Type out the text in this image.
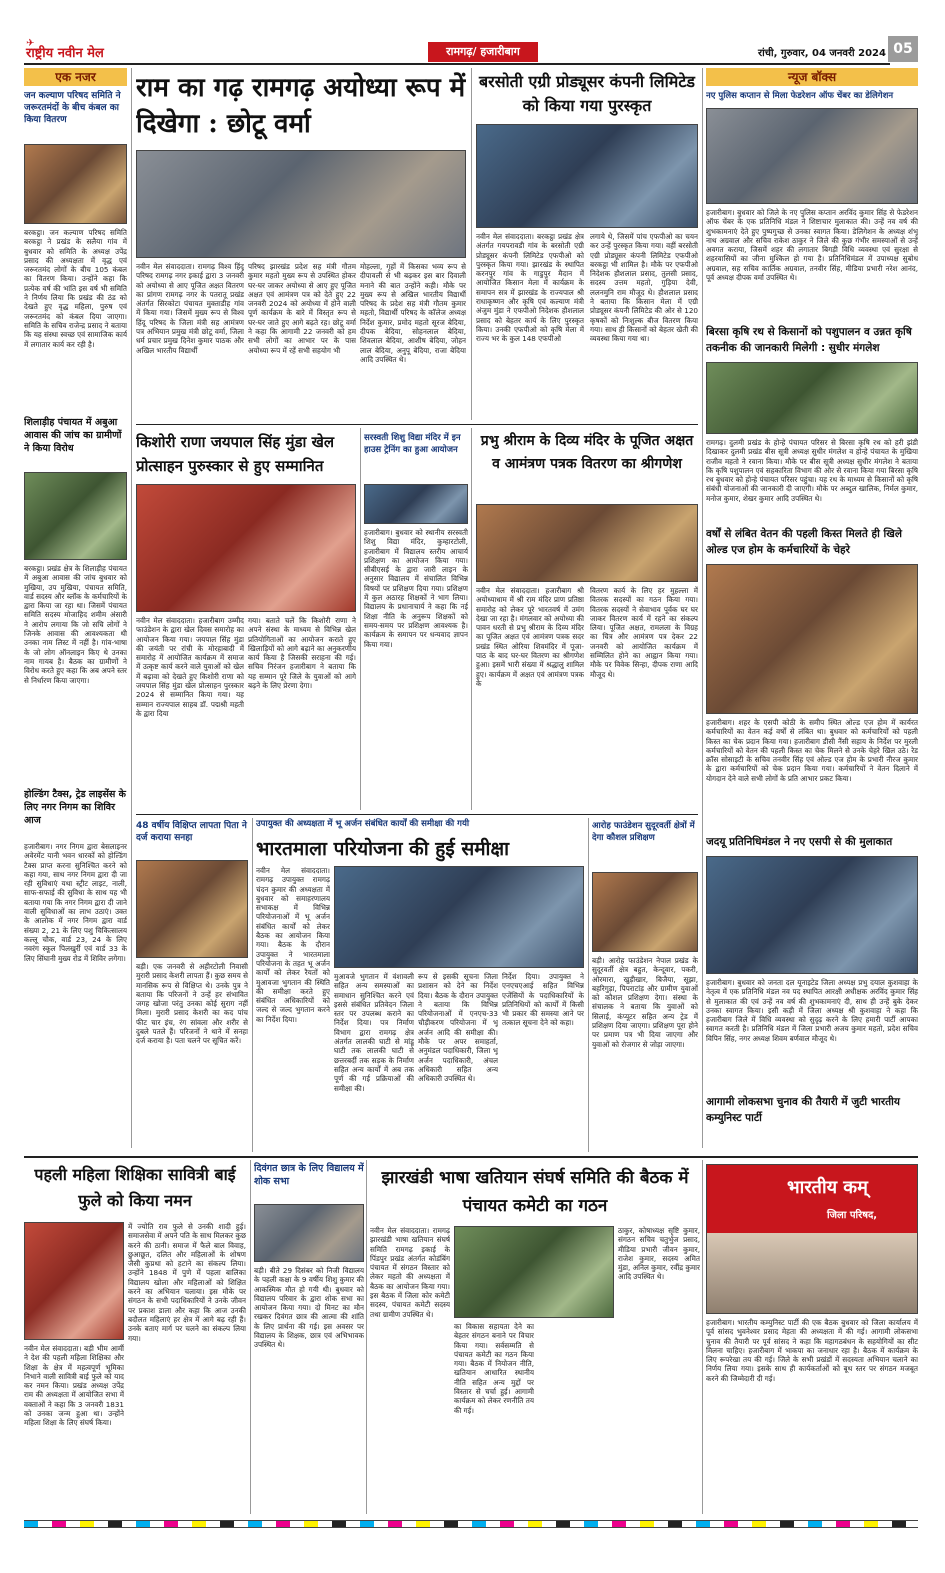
✈
राष्ट्रीय नवीन मेल	रामगढ़/ हजारीबाग	रांची, गुरुवार, 04 जनवरी 2024 05
एक नजर
जन कल्याण परिषद समिति ने जरूरतमंदों के बीच कंबल का किया वितरण
बरकट्ठा। जन कल्याण परिषद समिति बरकट्ठा ने प्रखंड के सलैया गांव में बुधवार को समिति के अध्यक्ष उपेंद्र प्रसाद की अध्यक्षता में वृद्ध एवं जरूरतमंद लोगों के बीच 105 कंबल का वितरण किया। उन्होंने कहा कि प्रत्येक वर्ष की भांति इस वर्ष भी समिति ने निर्णय लिया कि प्रखंड की ठंड को देखते हुए वृद्ध महिला, पुरुष एवं जरूरतमंद को कंबल दिया जाएगा। समिति के सचिव राजेन्द्र प्रसाद ने बताया कि यह संस्था स्वच्छ एवं सामाजिक कार्य में लगातार कार्य कर रही है।
शिलाड़ीह पंचायत में अबुआ आवास की जांच का ग्रामीणों ने किया विरोध
बरकट्ठा। प्रखंड क्षेत्र के शिलाड़ीह पंचायत में अबुआ आवास की जांच बुधवार को मुखिया, उप मुखिया, पंचायत समिति, वार्ड सदस्य और ब्लॉक के कर्मचारियों के द्वारा किया जा रहा था। जिसमें पंचायत समिति सदस्य मोजाहिद शमीम अंसारी ने आरोप लगाया कि जो सचि लोगों ने जिनके आवास की आवश्यकता थी उनका नाम लिस्ट में नहीं है। गांव-भाषा के जो लोग ऑनलाइन किए थे उनका नाम गायब है। बैठक का ग्रामीणों ने विरोध करते हुए कहा कि अब अपने स्तर से निर्धारण किया जाएगा।
होल्डिंग टैक्स, ट्रेड लाइसेंस के लिए नगर निगम का शिविर आज
हजारीबाग। नगर निगम द्वारा बेसलाइनर अवेरमेंट यानी भवन धारकों को होल्डिंग टैक्स प्राप्त करना सुनिश्चित करने को कहा गया, साथ नगर निगम द्वारा दी जा रही सुविधाएं यथा स्ट्रीट लाइट, नाली, साफ-सफाई की सुविधा के साथ यह भी बताया गया कि नगर निगम द्वारा दी जाने वाली सुविधाओं का लाभ उठाएं। उक्त के आलोक में नगर निगम द्वारा वार्ड संख्या 2, 21 के लिए पशु चिकित्सालय कल्लू चौक, वार्ड 23, 24 के लिए नवरंग स्कूल पिलखुर्री एवं वार्ड 33 के लिए सिंघानी मुख्य रोड में शिविर लगेगा।
राम का गढ़ रामगढ़ अयोध्या रूप में दिखेगा : छोटू वर्मा
नवीन मेल संवाददाता। रामगढ़ विश्व हिंदू परिषद रामगढ़ नगर इकाई द्वारा 3 जनवरी को अयोध्या से आए पूजित अक्षत वितरण का प्रांगण रामगढ़ नगर के पतरातू प्रखंड अंतर्गत सिरकोटा पंचायत मुक्ताडीह गांव में किया गया। जिसमें मुख्य रूप से विश्व हिंदू परिषद के जिला मंत्री सह आमंत्रण पत्र अभियान प्रमुख मंत्री छोटू वर्मा, जिला धर्म प्रचार प्रमुख दिनेश कुमार पाठक और अखिल भारतीय विद्यार्थी
परिषद झारखंड प्रदेश सह मंत्री गौतम कुमार महतो मुख्य रूप से उपस्थित होकर घर-घर जाकर अयोध्या से आए हुए पूजित अक्षत एवं आमंत्रण पत्र को देते हुए 22 जनवरी 2024 को अयोध्या में होने वाली पूर्ण कार्यक्रम के बारे में विस्तृत रूप से घर-घर जाते हुए आगे बढ़ते रह। छोटू वर्मा ने कहा कि आगामी 22 जनवरी को हम सभी लोगों का आभार पर के पास अयोध्या रूप में रहें सभी सहयोग भी
मोहल्ला, गृहों में किसका भव्य रूप से दीपावली से भी बढ़कर इस बार दिवाली मनाने की बात उन्होंने कही। मौके पर मुख्य रूप से अखिल भारतीय विद्यार्थी परिषद के प्रदेश सह मंत्री गौतम कुमार महतो, विद्यार्थी परिषद के कॉलेज अध्यक्ष निर्देश कुमार, प्रमोद महतो सूरज बेदिया, दीपक बेदिया, सोहनलाल बेदिया, शिवलाल बेदिया, आशीष बेदिया, जोहन लाल बेदिया, अनुपू बेदिया, राजा बेदिया आदि उपस्थित थे।
बरसोती एग्री प्रोड्यूसर कंपनी लिमिटेड को किया गया पुरस्कृत
नवीन मेल संवाददाता। बरकट्ठा प्रखंड क्षेत्र अंतर्गत गयपरावडी गांव के बरसोती एग्री प्रोड्यूसर कंपनी लिमिटेड एफपीओ को पुरस्कृत किया गया। झारखंड के स्थापित करनपुर गांव के गाडुपुर मैदान में आयोजित किसान मेला में कार्यक्रम के समापन सत्र में झारखंड के राज्यपाल श्री राधाकृष्णन और कृषि एवं कल्याण मंत्री अंजुम मुंडा ने एफपीओ निदेशक हौशलाल प्रसाद को बेहतर कार्य के लिए पुरस्कृत किया। उनकी एफपीओ को कृषि मेला में राज्य भर के कुल 148 एफपीओ
लगाये थे, जिसमें पांच एफपीओ का चयन कर उन्हें पुरस्कृत किया गया। वहीं बरसोती एग्री प्रोड्यूसर कंपनी लिमिटेड एफपीओ बरकट्ठा भी शामिल है। मौके पर एफपीओ निदेशक हौशलाल प्रसाद, तुलसी प्रसाद, सदस्य उत्तम महतो, गुड़िया देवी, ललनमुनि राम मौजूद थे। हौशलाल प्रसाद ने बताया कि किसान मेला में एग्री प्रोड्यूसर कंपनी लिमिटेड की ओर से 120 कृषकों को निःशुल्क बीज वितरण किया गया। साथ ही किसानों को बेहतर खेती की व्यवस्था किया गया था।
न्यूज बॉक्स
नए पुलिस कप्तान से मिला फेडरेशन ऑफ चेंबर का डेलिगेशन
हजारीबाग। बुधवार को जिले के नए पुलिस कप्तान अरविंद कुमार सिंह से फेडरेशन ऑफ चेंबर के एक प्रतिनिधि मंडल ने शिष्टाचार मुलाकात की। उन्हें नव वर्ष की शुभकामनाएं देते हुए पुष्पगुच्छ से उनका स्वागत किया। डेलिगेशन के अध्यक्ष शंभू नाथ अग्रवाल और सचिव राकेश ठाकुर ने जिले की कुछ गंभीर समस्याओं से उन्हें अवगत कराया, जिसमें शहर की लगातार बिगड़ी विधि व्यवस्था एवं सुरक्षा से शहरवासियों का जीना मुश्किल हो गया है। प्रतिनिधिमंडल में उपाध्यक्ष सुबोध अग्रवाल, सह सचिव कार्तिक अग्रवाल, तनवीर सिंह, मीडिया प्रभारी नरेश आनंद, पूर्व अध्यक्ष दीपक वर्मा उपस्थित थे।
बिरसा कृषि रथ से किसानों को पशुपालन व उन्नत कृषि तकनीक की जानकारी मिलेगी : सुधीर मंगलेश
रामगढ़। दुलमी प्रखंड के होन्हे पंचायत परिसर से बिरसा कृषि रथ को हरी झंडी दिखाकर दुलमी प्रखंड बीस सूत्री अध्यक्ष सुधीर मंगलेश व होन्हे पंचायत के मुखिया राजीव महतो ने रवाना किया। मौके पर बीस सूत्री अध्यक्ष सुधीर मंगलेश ने बताया कि कृषि पशुपालन एवं सहकारिता विभाग की ओर से रवाना किया गया बिरसा कृषि रथ बुधवार को होन्हे पंचायत परिसर पहुंचा। यह रथ के माध्यम से किसानों को कृषि संबंधी योजनाओं की जानकारी दी जाएगी। मौके पर अब्दुल खालिक, निर्मल कुमार, मनोज कुमार, शेखर कुमार आदि उपस्थित थे।
वर्षों से लंबित वेतन की पहली किस्त मिलते ही खिले ओल्ड एज होम के कर्मचारियों के चेहरे
हजारीबाग। शहर के एसपी कोठी के समीप स्थित ओल्ड एज होम में कार्यरत कर्मचारियों का वेतन कई वर्षों से लंबित था। बुधवार को कर्मचारियों को पहली किस्त का चेक प्रदान किया गया। हजारीबाग डीसी नैंसी सहाय के निर्देश पर मुरली कर्मचारियों को वेतन की पहली किस्त का चेक मिलने से उनके चेहरे खिल उठे। रेड क्रॉस सोसाइटी के सचिव तनवीर सिंह एवं ओल्ड एज होम के प्रभारी नीरज कुमार के द्वारा कर्मचारियों को चेक प्रदान किया गया। कर्मचारियों ने वेतन दिलाने में योगदान देने वाले सभी लोगों के प्रति आभार प्रकट किया।
जदयू प्रतिनिधिमंडल ने नए एसपी से की मुलाकात
हजारीबाग। बुधवार को जनता दल यूनाइटेड जिला अध्यक्ष प्रभु दयाल कुशवाहा के नेतृत्व में एक प्रतिनिधि मंडल नव पद स्थापित आरक्षी अधीक्षक अरविंद कुमार सिंह से मुलाकात की एवं उन्हें नव वर्ष की शुभकामनाएं दी, साथ ही उन्हें बुके देकर उनका स्वागत किया। इसी कड़ी में जिला अध्यक्ष श्री कुशवाहा ने कहा कि हजारीबाग जिले में विधि व्यवस्था को सुदृढ़ करने के लिए हमारी पार्टी आपका स्वागत करती है। प्रतिनिधि मंडल में जिला प्रभारी अजय कुमार महतो, प्रदेश सचिव विपिन सिंह, नगर अध्यक्ष शिवम बर्णवाल मौजूद थे।
आगामी लोकसभा चुनाव की तैयारी में जुटी भारतीय कम्युनिस्ट पार्टी
किशोरी राणा जयपाल सिंह मुंडा खेल प्रोत्साहन पुरुस्कार से हुए सम्मानित
नवीन मेल संवाददाता। हजारीबाग उम्मीद फाउंडेशन के द्वारा खेल दिवस समारोह का आयोजन किया गया। जयपाल सिंह मुंडा की जयंती पर रांची के मोरहाबादी में समारोह में आयोजित कार्यक्रम में समाज में उत्कृष्ट कार्य करने वाले युवाओं को खेल में बढ़ावा को देखते हुए किशोरी राणा को जयपाल सिंह मुंडा खेल प्रोत्साहन पुरस्कार 2024 से सम्मानित किया गया। यह सम्मान राज्यपाल साहब डॉ. पद्मश्री महती के द्वारा दिया
गया। बताते चलें कि किशोरी राणा ने अपने संस्था के माध्यम से विभिन्न खेल प्रतियोगिताओं का आयोजन कराते हुए खिलाड़ियों को आगे बढ़ाने का अनुकरणीय कार्य किया है जिसकी सराहना की गई। सचिव निरंजन हजारीबाग ने बताया कि यह सम्मान पूरे जिले के युवाओं को आगे बढ़ने के लिए प्रेरणा देगा।
सरस्वती शिशु विद्या मंदिर में इन हाउस ट्रेनिंग का हुआ आयोजन
हजारीबाग। बुधवार को स्थानीय सरस्वती शिशु विद्या मंदिर, कुम्हारटोली, हजारीबाग में विद्यालय स्तरीय आचार्य प्रशिक्षण का आयोजन किया गया। सीबीएसई के द्वारा जारी लाइन के अनुसार विद्यालय में संचालित विभिन्न विषयों पर प्रशिक्षण दिया गया। प्रशिक्षण में कुल अठारह शिक्षकों ने भाग लिया। विद्यालय के प्रधानाचार्य ने कहा कि नई शिक्षा नीति के अनुरूप शिक्षकों को समय-समय पर प्रशिक्षण आवश्यक है। कार्यक्रम के समापन पर धन्यवाद ज्ञापन किया गया।
प्रभु श्रीराम के दिव्य मंदिर के पूजित अक्षत व आमंत्रण पत्रक वितरण का श्रीगणेश
नवीन मेल संवाददाता। हजारीबाग श्री अयोध्याधाम में श्री राम मंदिर प्राण प्रतिष्ठा समारोह को लेकर पूरे भारतवर्ष में उमंग देखा जा रहा है। मंगलवार को अयोध्या की पावन धरती से प्रभु श्रीराम के दिव्य मंदिर का पूजित अक्षत एवं आमंत्रण पत्रक सदर प्रखंड स्थित ओरिया शिवमंदिर में पूजा-पाठ के बाद घर-घर वितरण का श्रीगणेश हुआ। इसमें भारी संख्या में श्रद्धालु शामिल हुए। कार्यक्रम में अक्षत एवं आमंत्रण पत्रक के
वितरण कार्य के लिए हर मुहल्ला में वितरक सदस्यों का गठन किया गया। वितरक सदस्यों ने सेवाभाव पूर्वक घर घर जाकर वितरण कार्य में रहने का संकल्प लिया। पूजित अक्षत, रामलला के विग्रह का चित्र और आमंत्रण पत्र देकर 22 जनवरी को आयोजित कार्यक्रम में सम्मिलित होने का आह्वान किया गया। मौके पर विवेक सिन्हा, दीपक राणा आदि मौजूद थे।
48 वर्षीय विक्षिप्त लापता पिता ने दर्ज कराया सनहा
बड़ी। एक जनवरी से अहीरटोली निवासी मुरारी प्रसाद केशरी लापता हैं। कुछ समय से मानसिक रूप से विक्षिप्त थे। उनके पुत्र ने बताया कि परिजनों ने उन्हें हर संभावित जगह खोजा परंतु उनका कोई सुराग नहीं मिला। मुरारी प्रसाद केशरी का कद पांच फीट चार इंच, रंग सांवला और शरीर से दुबले पतले हैं। परिजनों ने थाने में सनहा दर्ज कराया है। पता चलने पर सूचित करें।
उपायुक्त की अध्यक्षता में भू अर्जन संबंधित कार्यों की समीक्षा की गयी
भारतमाला परियोजना की हुई समीक्षा
नवीन मेल संवाददाता। रामगढ़ उपायुक्त रामगढ़ चंदन कुमार की अध्यक्षता में बुधवार को समाहरणालय सभाकक्ष में विभिन्न परियोजनाओं में भू अर्जन संबंधित कार्यों को लेकर बैठक का आयोजन किया गया। बैठक के दौरान उपायुक्त ने भारतमाला परियोजना के तहत भू अर्जन कार्यों को लेकर रैयतों को मुआवजा भुगतान की स्थिति की समीक्षा करते हुए संबंधित अधिकारियों को जल्द से जल्द भुगतान करने का निर्देश दिया।
मुआवजे भुगतान में वंशावली सहित अन्य समस्याओं का समाधान सुनिश्चित करने एवं इससे संबंधित प्रतिवेदन जिला स्तर पर उपलब्ध कराने का निर्देश दिया। पत्र निर्माण विभाग द्वारा रामगढ़ क्षेत्र अंतर्गत लालकी घाटी से मांडू घाटी तक लालकी घाटी से छत्तरबर्दी तक सड़क के निर्माण सहित अन्य कार्यों में अब तक पूर्ण की गई प्रक्रियाओं की समीक्षा की।
रूप से इसकी सूचना जिला प्रशासन को देने का निर्देश दिया। बैठक के दौरान उपायुक्त ने बताया कि विभिन्न परियोजनाओं में एनएच-33 चौड़ीकरण परियोजना में भू अर्जन आदि की समीक्षा की। मौके पर अपर समाहर्ता, अनुमंडल पदाधिकारी, जिला भू अर्जन पदाधिकारी, अंचल अधिकारी सहित अन्य अधिकारी उपस्थित थे।
निर्देश दिया। उपायुक्त ने एनएचएआई सहित विभिन्न एजेंसियों के पदाधिकारियों के प्रतिनिधियों को कार्यों में किसी भी प्रकार की समस्या आने पर तत्काल सूचना देने को कहा।
आरोह फाउंडेशन सुदूरवर्ती क्षेत्रों में देगा कौशल प्रशिक्षण
बड़ी। आरोह फाउंडेशन नेपाल प्रखंड के सुदूरवर्ती क्षेत्र बहुत, केन्दूवार, पकरी, ओरमारा, खुड़ीखार, बिजैया, सूझा, बहरिगुड़ा, पिपराटांड़ और ग्रामीण युवाओं को कौशल प्रशिक्षण देगा। संस्था के संचालक ने बताया कि युवाओं को सिलाई, कंप्यूटर सहित अन्य ट्रेड में प्रशिक्षण दिया जाएगा। प्रशिक्षण पूरा होने पर प्रमाण पत्र भी दिया जाएगा और युवाओं को रोजगार से जोड़ा जाएगा।
पहली महिला शिक्षिका सावित्री बाई फुले को किया नमन
नवीन मेल संवाददाता। बड़ी भीम आर्मी ने देश की पहली महिला शिक्षिका और शिक्षा के क्षेत्र में महत्वपूर्ण भूमिका निभाने वाली सावित्री बाई फुले को याद कर नमन किया। प्रखंड अध्यक्ष उपेंद्र राम की अध्यक्षता में आयोजित सभा में वक्ताओं ने कहा कि 3 जनवरी 1831 को उनका जन्म हुआ था। उन्होंने महिला शिक्षा के लिए संघर्ष किया।
में ज्योति राव फुले से उनकी शादी हुई। समाजसेवा में अपने पति के साथ मिलकर कुछ करने की ठानी। समाज में फैले बाल विवाह, छुआछूत, दलित और महिलाओं के शोषण जैसी कुप्रथा को हटाने का संकल्प लिया। उन्होंने 1848 में पुणे में पहला बालिका विद्यालय खोला और महिलाओं को शिक्षित करने का अभियान चलाया। इस मौके पर संगठन के सभी पदाधिकारियों ने उनके जीवन पर प्रकाश डाला और कहा कि आज उनकी बदौलत महिलाएं हर क्षेत्र में आगे बढ़ रही हैं। उनके बताए मार्ग पर चलने का संकल्प लिया गया।
दिवंगत छात्र के लिए विद्यालय में शोक सभा
बड़ी। बीते 29 दिसंबर को निजी विद्यालय के पहली कक्षा के 9 वर्षीय शिशु कुमार की आकस्मिक मौत हो गयी थी। बुधवार को विद्यालय परिवार के द्वारा शोक सभा का आयोजन किया गया। दो मिनट का मौन रखकर दिवंगत छात्र की आत्मा की शांति के लिए प्रार्थना की गई। इस अवसर पर विद्यालय के शिक्षक, छात्र एवं अभिभावक उपस्थित थे।
झारखंडी भाषा खतियान संघर्ष समिति की बैठक में पंचायत कमेटी का गठन
नवीन मेल संवाददाता। रामगढ़ झारखंडी भाषा खतियान संघर्ष समिति रामगढ़ इकाई के पिंडपुर प्रखंड अंतर्गत कोडंबिंग पंचायत में संगठन विस्तार को लेकर महतो की अध्यक्षता में बैठक का आयोजन किया गया। इस बैठक में जिला कोर कमेटी सदस्य, पंचायत कमेटी सदस्य तथा ग्रामीण उपस्थित थे।
का विकास सहायता देने का बेहतर संगठन बनाने पर विचार किया गया। सर्वसम्मति से पंचायत कमेटी का गठन किया गया। बैठक में नियोजन नीति, खतियान आधारित स्थानीय नीति सहित अन्य मुद्दों पर विस्तार से चर्चा हुई। आगामी कार्यक्रम को लेकर रणनीति तय की गई।
ठाकुर, कोषाध्यक्ष सृष्टि कुमार, संगठन सचिव चतुर्भुज प्रसाद, मीडिया प्रभारी जीवन कुमार, राजेश कुमार, सदस्य अमित मुंडा, अनिल कुमार, रवींद्र कुमार आदि उपस्थित थे।
भारतीय कम्
जिला परिषद,
हजारीबाग। भारतीय कम्युनिस्ट पार्टी की एक बैठक बुधवार को जिला कार्यालय में पूर्व सांसद भुवनेश्वर प्रसाद मेहता की अध्यक्षता में की गई। आगामी लोकसभा चुनाव की तैयारी पर पूर्व सांसद ने कहा कि महागठबंधन के सहयोगियों का सीट मिलना चाहिए। हजारीबाग में भाकपा का जनाधार रहा है। बैठक में कार्यक्रम के लिए रूपरेखा तय की गई। जिले के सभी प्रखंडों में सदस्यता अभियान चलाने का निर्णय लिया गया। इसके साथ ही कार्यकर्ताओं को बूथ स्तर पर संगठन मजबूत करने की जिम्मेदारी दी गई।
